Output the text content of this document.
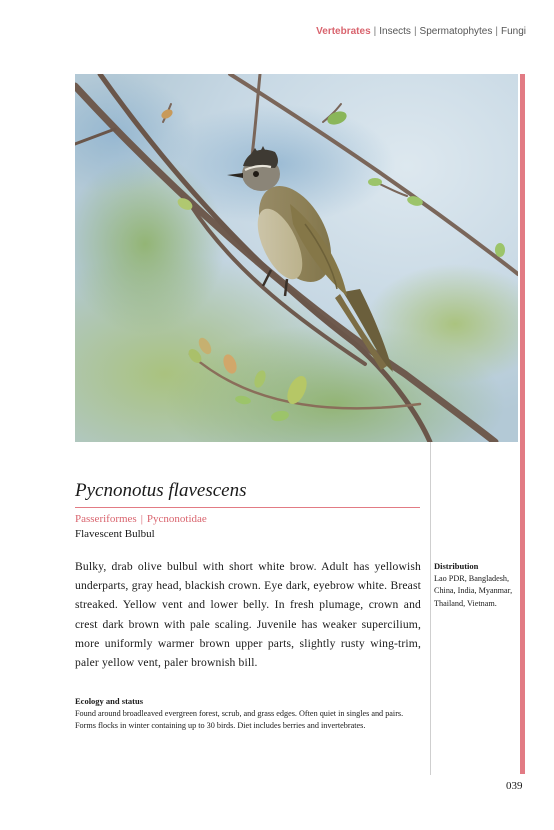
Vertebrates | Insects | Spermatophytes | Fungi
Pycnonotus flavescens
Passeriformes | Pycnonotidae
Flavescent Bulbul

Bulky, drab olive bulbul with short white brow. Adult has yellowish underparts, gray head, blackish crown. Eye dark, eyebrow white. Breast streaked. Yellow vent and lower belly. In fresh plumage, crown and crest dark brown with pale scaling. Juvenile has weaker supercilium, more uniformly warmer brown upper parts, slightly rusty wing-trim, paler yellow vent, paler brownish bill.

Ecology and status

Found around broadleaved evergreen forest, scrub, and grass edges. Often quiet in singles and pairs. Forms flocks in winter containing up to 30 birds. Diet includes berries and invertebrates.

Distribution

Lao PDR, Bangladesh, China, India, Myanmar, Thailand, Vietnam.

039
